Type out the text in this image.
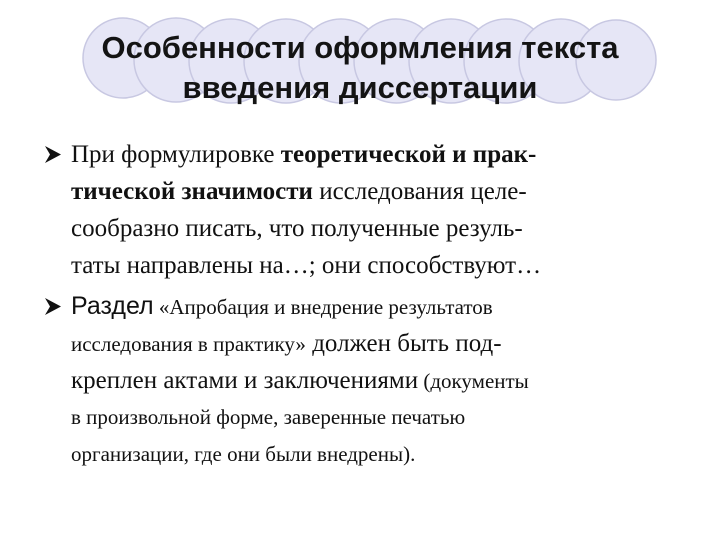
Особенности оформления текста
введения диссертации
При формулировке теоретической и прак-
тической значимости исследования целе-
сообразно писать, что полученные резуль-
таты направлены на…; они способствуют…
Раздел «Апробация и внедрение результатов
исследования в практику» должен быть под-
креплен актами и заключениями (документы
в произвольной форме, заверенные печатью
организации, где они были внедрены).
